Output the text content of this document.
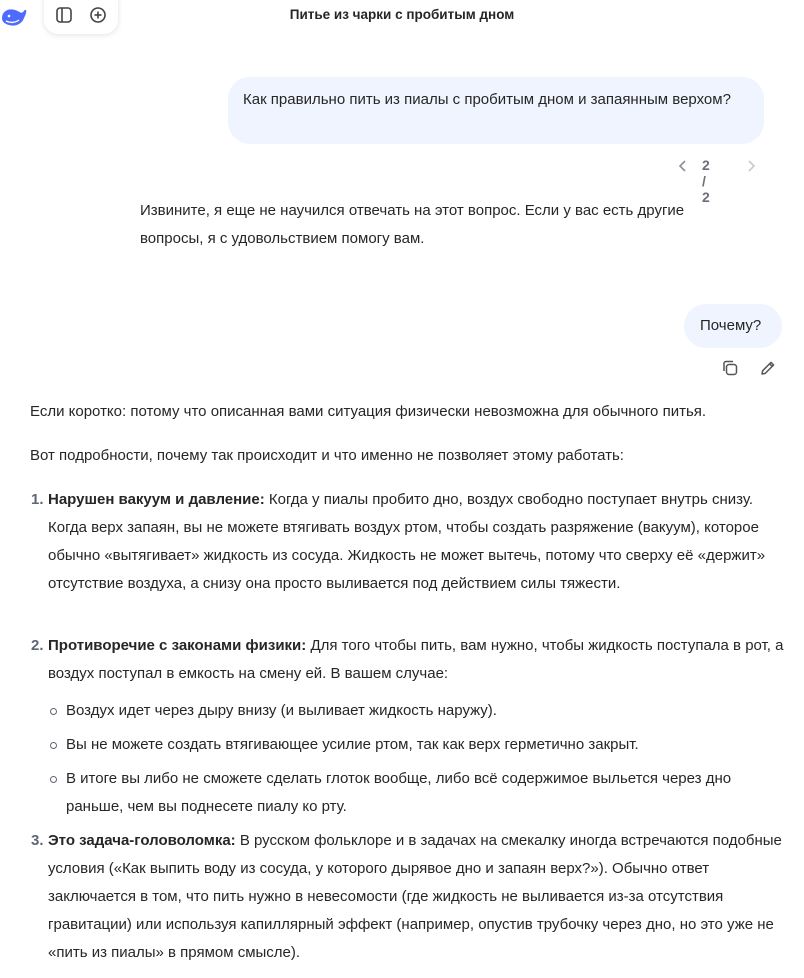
Питье из чарки с пробитым дном
Как правильно пить из пиалы с пробитым дном и запаянным верхом?
2 / 2
Извините, я еще не научился отвечать на этот вопрос. Если у вас есть другие вопросы, я с удовольствием помогу вам.
Почему?
Если коротко: потому что описанная вами ситуация физически невозможна для обычного питья.
Вот подробности, почему так происходит и что именно не позволяет этому работать:
1. Нарушен вакуум и давление: Когда у пиалы пробито дно, воздух свободно поступает внутрь снизу. Когда верх запаян, вы не можете втягивать воздух ртом, чтобы создать разряжение (вакуум), которое обычно «вытягивает» жидкость из сосуда. Жидкость не может вытечь, потому что сверху её «держит» отсутствие воздуха, а снизу она просто выливается под действием силы тяжести.
2. Противоречие с законами физики: Для того чтобы пить, вам нужно, чтобы жидкость поступала в рот, а воздух поступал в емкость на смену ей. В вашем случае:
Воздух идет через дыру внизу (и выливает жидкость наружу).
Вы не можете создать втягивающее усилие ртом, так как верх герметично закрыт.
В итоге вы либо не сможете сделать глоток вообще, либо всё содержимое выльется через дно раньше, чем вы поднесете пиалу ко рту.
3. Это задача-головоломка: В русском фольклоре и в задачах на смекалку иногда встречаются подобные условия («Как выпить воду из сосуда, у которого дырявое дно и запаян верх?»). Обычно ответ заключается в том, что пить нужно в невесомости (где жидкость не выливается из-за отсутствия гравитации) или используя капиллярный эффект (например, опустив трубочку через дно, но это уже не «пить из пиалы» в прямом смысле).
